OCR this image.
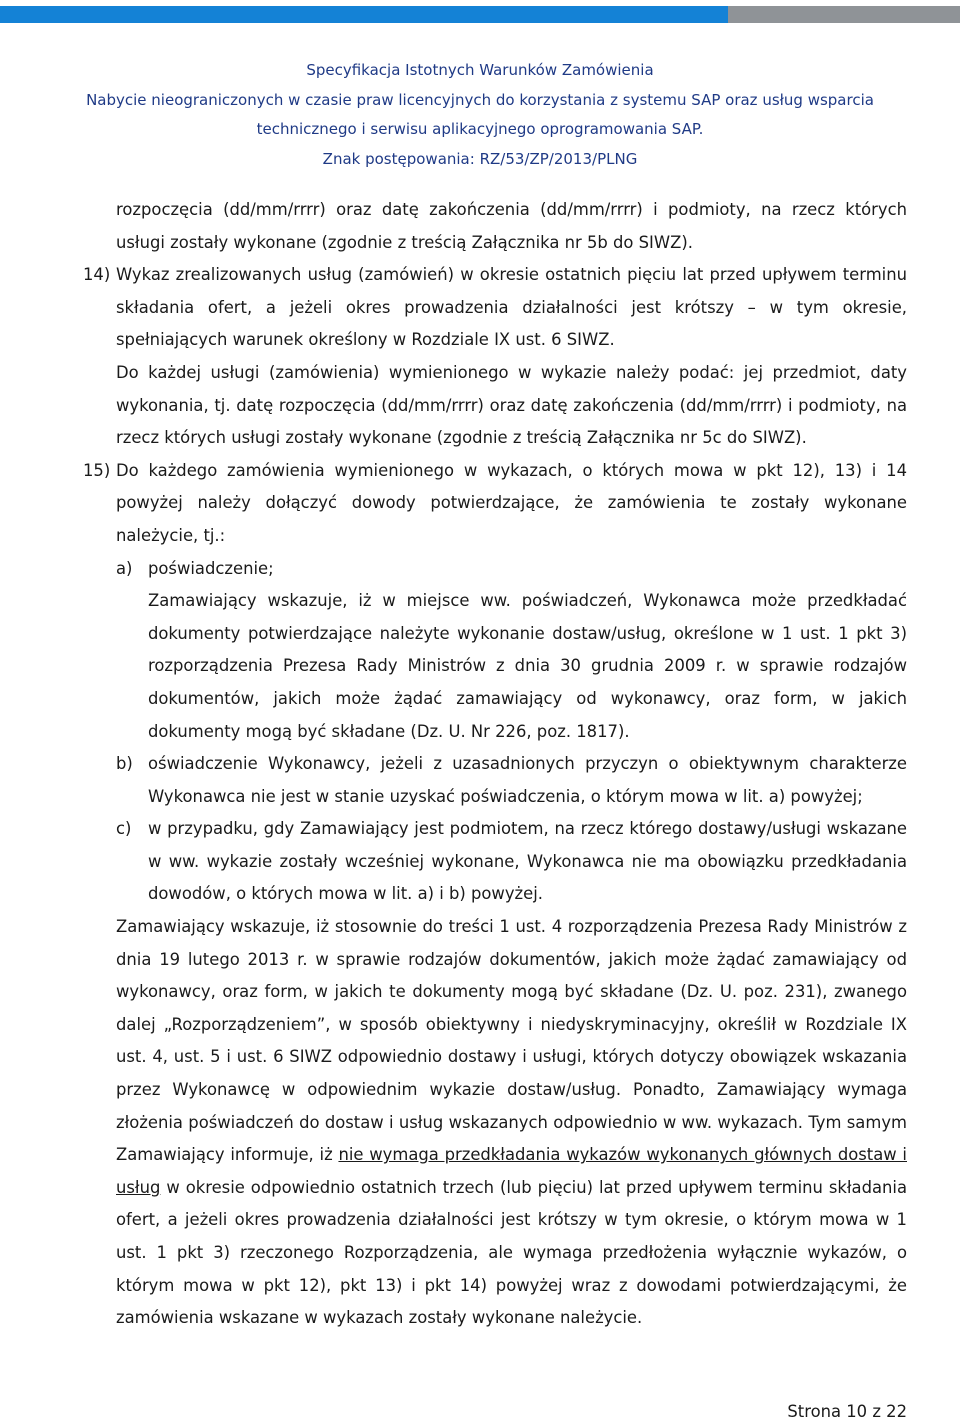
Specyfikacja Istotnych Warunków Zamówienia
Nabycie nieograniczonych w czasie praw licencyjnych do korzystania z systemu SAP oraz usług wsparcia
technicznego i serwisu aplikacyjnego oprogramowania SAP.
Znak postępowania: RZ/53/ZP/2013/PLNG
rozpoczęcia (dd/mm/rrrr) oraz datę zakończenia (dd/mm/rrrr) i podmioty, na rzecz których usługi zostały wykonane (zgodnie z treścią Załącznika nr 5b do SIWZ).
14) Wykaz zrealizowanych usług (zamówień) w okresie ostatnich pięciu lat przed upływem terminu składania ofert, a jeżeli okres prowadzenia działalności jest krótszy – w tym okresie, spełniających warunek określony w Rozdziale IX ust. 6 SIWZ.
Do każdej usługi (zamówienia) wymienionego w wykazie należy podać: jej przedmiot, daty wykonania, tj. datę rozpoczęcia (dd/mm/rrrr) oraz datę zakończenia (dd/mm/rrrr) i podmioty, na rzecz których usługi zostały wykonane (zgodnie z treścią Załącznika nr 5c do SIWZ).
15) Do każdego zamówienia wymienionego w wykazach, o których mowa w pkt 12), 13) i 14 powyżej należy dołączyć dowody potwierdzające, że zamówienia te zostały wykonane należycie, tj.:
a) poświadczenie;
Zamawiający wskazuje, iż w miejsce ww. poświadczeń, Wykonawca może przedkładać dokumenty potwierdzające należyte wykonanie dostaw/usług, określone w 1 ust. 1 pkt 3) rozporządzenia Prezesa Rady Ministrów z dnia 30 grudnia 2009 r. w sprawie rodzajów dokumentów, jakich może żądać zamawiający od wykonawcy, oraz form, w jakich dokumenty mogą być składane (Dz. U. Nr 226, poz. 1817).
b) oświadczenie Wykonawcy, jeżeli z uzasadnionych przyczyn o obiektywnym charakterze Wykonawca nie jest w stanie uzyskać poświadczenia, o którym mowa w lit. a) powyżej;
c) w przypadku, gdy Zamawiający jest podmiotem, na rzecz którego dostawy/usługi wskazane w ww. wykazie zostały wcześniej wykonane, Wykonawca nie ma obowiązku przedkładania dowodów, o których mowa w lit. a) i b) powyżej.
Zamawiający wskazuje, iż stosownie do treści 1 ust. 4 rozporządzenia Prezesa Rady Ministrów z dnia 19 lutego 2013 r. w sprawie rodzajów dokumentów, jakich może żądać zamawiający od wykonawcy, oraz form, w jakich te dokumenty mogą być składane (Dz. U. poz. 231), zwanego dalej „Rozporządzeniem”, w sposób obiektywny i niedyskryminacyjny, określił w Rozdziale IX ust. 4, ust. 5 i ust. 6 SIWZ odpowiednio dostawy i usługi, których dotyczy obowiązek wskazania przez Wykonawcę w odpowiednim wykazie dostaw/usług. Ponadto, Zamawiający wymaga złożenia poświadczeń do dostaw i usług wskazanych odpowiednio w ww. wykazach. Tym samym Zamawiający informuje, iż nie wymaga przedkładania wykazów wykonanych głównych dostaw i usług w okresie odpowiednio ostatnich trzech (lub pięciu) lat przed upływem terminu składania ofert, a jeżeli okres prowadzenia działalności jest krótszy w tym okresie, o którym mowa w 1 ust. 1 pkt 3) rzeczonego Rozporządzenia, ale wymaga przedłożenia wyłącznie wykazów, o którym mowa w pkt 12), pkt 13) i pkt 14) powyżej wraz z dowodami potwierdzającymi, że zamówienia wskazane w wykazach zostały wykonane należycie.
Strona 10 z 22
